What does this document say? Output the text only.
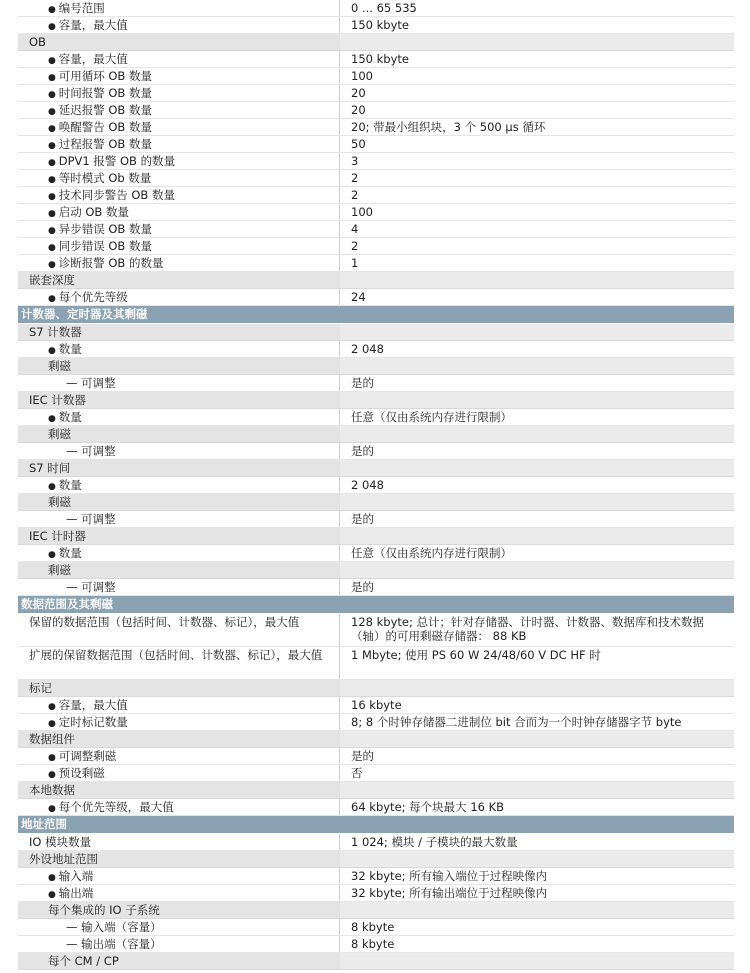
● 编号范围	0 ... 65 535
● 容量，最大值	150 kbyte
OB
● 容量，最大值	150 kbyte
● 可用循环 OB 数量	100
● 时间报警 OB 数量	20
● 延迟报警 OB 数量	20
● 唤醒警告 OB 数量	20; 带最小组织块，3 个 500 μs 循环
● 过程报警 OB 数量	50
● DPV1 报警 OB 的数量	3
● 等时模式 Ob 数量	2
● 技术同步警告 OB 数量	2
● 启动 OB 数量	100
● 异步错误 OB 数量	4
● 同步错误 OB 数量	2
● 诊断报警 OB 的数量	1
嵌套深度
● 每个优先等级	24
计数器、定时器及其剩磁
S7 计数器
● 数量	2 048
剩磁
— 可调整	是的
IEC 计数器
● 数量	任意（仅由系统内存进行限制）
剩磁
— 可调整	是的
S7 时间
● 数量	2 048
剩磁
— 可调整	是的
IEC 计时器
● 数量	任意（仅由系统内存进行限制）
剩磁
— 可调整	是的
数据范围及其剩磁
保留的数据范围（包括时间、计数器、标记），最大值	128 kbyte; 总计；针对存储器、计时器、计数器、数据库和技术数据（轴）的可用剩磁存储器： 88 KB
扩展的保留数据范围（包括时间、计数器、标记），最大值	1 Mbyte; 使用 PS 60 W 24/48/60 V DC HF 时
标记
● 容量，最大值	16 kbyte
● 定时标记数量	8; 8 个时钟存储器二进制位 bit 合而为一个时钟存储器字节 byte
数据组件
● 可调整剩磁	是的
● 预设剩磁	否
本地数据
● 每个优先等级，最大值	64 kbyte; 每个块最大 16 KB
地址范围
IO 模块数量	1 024; 模块 / 子模块的最大数量
外设地址范围
● 输入端	32 kbyte; 所有输入端位于过程映像内
● 输出端	32 kbyte; 所有输出端位于过程映像内
每个集成的 IO 子系统
— 输入端（容量）	8 kbyte
— 输出端（容量）	8 kbyte
每个 CM / CP
